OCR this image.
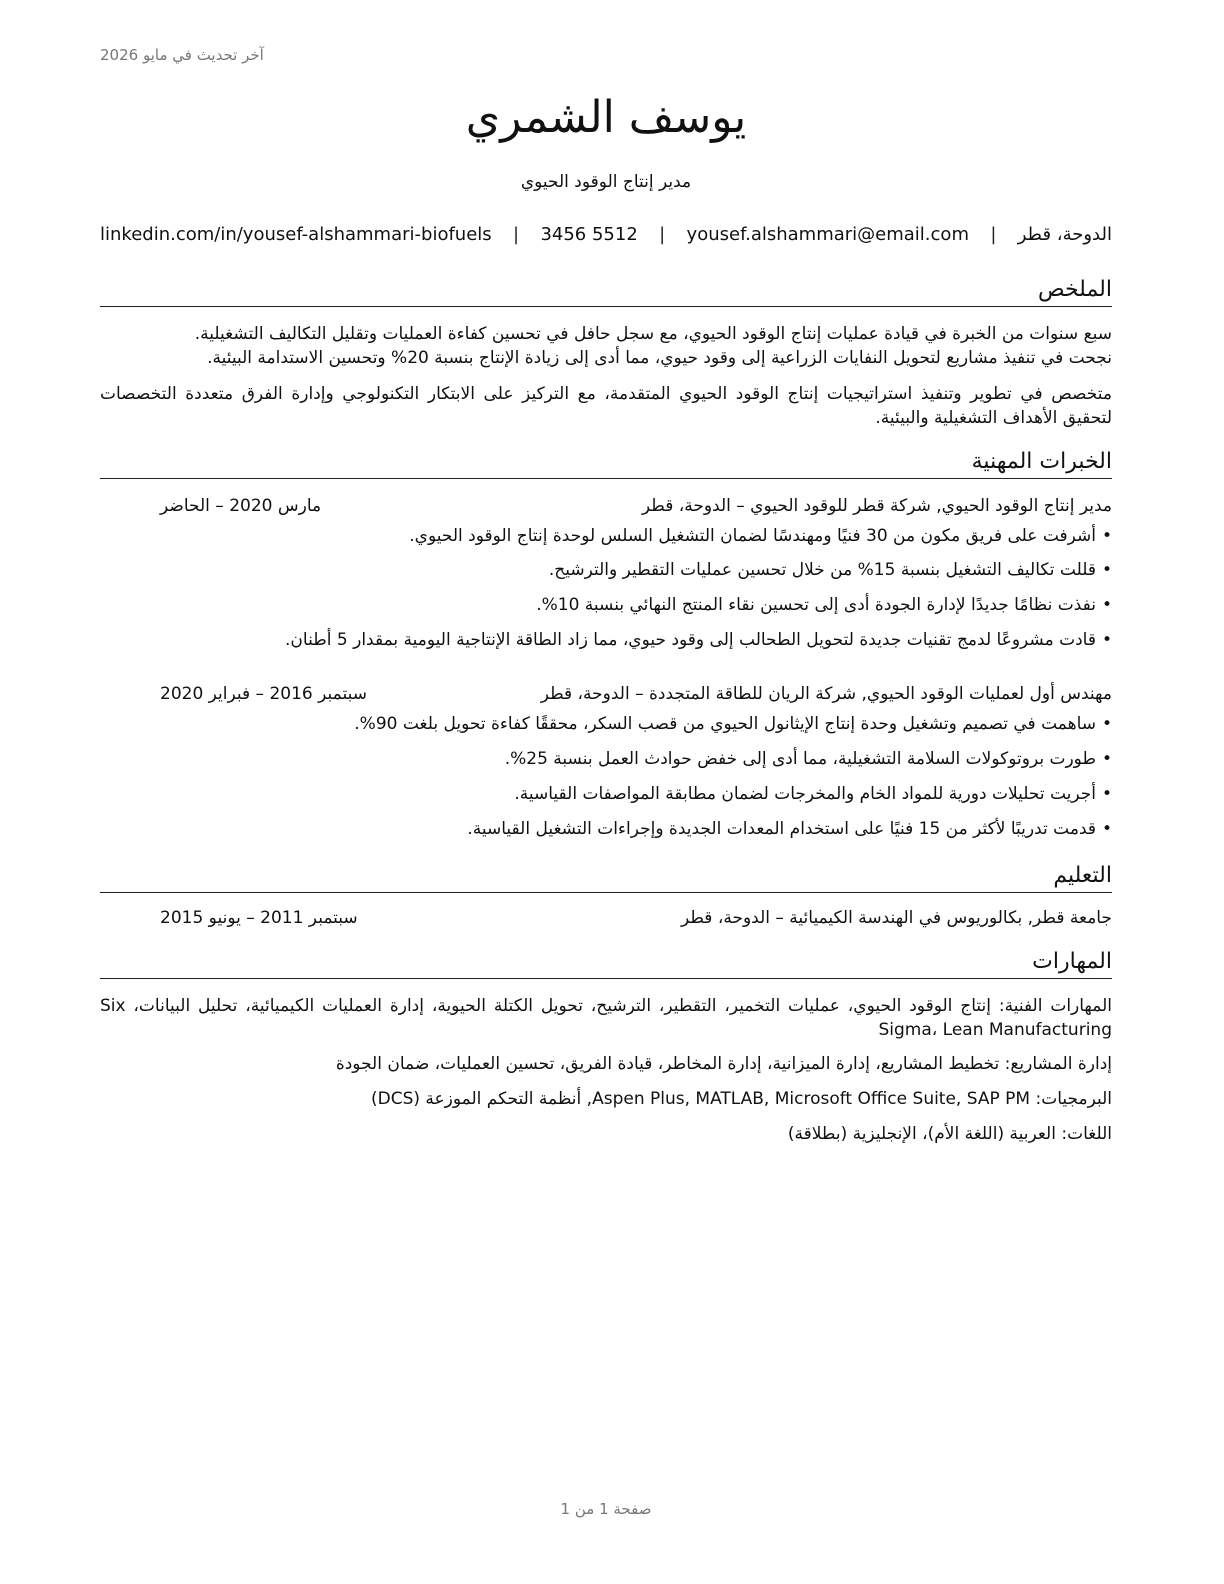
آخر تحديث في مايو 2026
يوسف الشمري
مدير إنتاج الوقود الحيوي
الدوحة، قطر
|
yousef.alshammari@email.com
|
3456 5512
|
linkedin.com/in/yousef-alshammari-biofuels
الملخص
سبع سنوات من الخبرة في قيادة عمليات إنتاج الوقود الحيوي، مع سجل حافل في تحسين كفاءة العمليات وتقليل التكاليف التشغيلية.
نجحت في تنفيذ مشاريع لتحويل النفايات الزراعية إلى وقود حيوي، مما أدى إلى زيادة الإنتاج بنسبة 20% وتحسين الاستدامة البيئية.
متخصص في تطوير وتنفيذ استراتيجيات إنتاج الوقود الحيوي المتقدمة، مع التركيز على الابتكار التكنولوجي وإدارة الفرق متعددة التخصصات لتحقيق الأهداف التشغيلية والبيئية.
الخبرات المهنية
مدير إنتاج الوقود الحيوي, شركة قطر للوقود الحيوي – الدوحة، قطر
مارس 2020 – الحاضر
•أشرفت على فريق مكون من 30 فنيًا ومهندسًا لضمان التشغيل السلس لوحدة إنتاج الوقود الحيوي.
•قللت تكاليف التشغيل بنسبة 15% من خلال تحسين عمليات التقطير والترشيح.
•نفذت نظامًا جديدًا لإدارة الجودة أدى إلى تحسين نقاء المنتج النهائي بنسبة 10%.
•قادت مشروعًا لدمج تقنيات جديدة لتحويل الطحالب إلى وقود حيوي، مما زاد الطاقة الإنتاجية اليومية بمقدار 5 أطنان.
مهندس أول لعمليات الوقود الحيوي, شركة الريان للطاقة المتجددة – الدوحة، قطر
سبتمبر 2016 – فبراير 2020
•ساهمت في تصميم وتشغيل وحدة إنتاج الإيثانول الحيوي من قصب السكر، محققًا كفاءة تحويل بلغت 90%.
•طورت بروتوكولات السلامة التشغيلية، مما أدى إلى خفض حوادث العمل بنسبة 25%.
•أجريت تحليلات دورية للمواد الخام والمخرجات لضمان مطابقة المواصفات القياسية.
•قدمت تدريبًا لأكثر من 15 فنيًا على استخدام المعدات الجديدة وإجراءات التشغيل القياسية.
التعليم
جامعة قطر, بكالوريوس في الهندسة الكيميائية – الدوحة، قطر
سبتمبر 2011 – يونيو 2015
المهارات
المهارات الفنية: إنتاج الوقود الحيوي، عمليات التخمير، التقطير، الترشيح، تحويل الكتلة الحيوية، إدارة العمليات الكيميائية، تحليل البيانات، Six Sigma، Lean Manufacturing
إدارة المشاريع: تخطيط المشاريع، إدارة الميزانية، إدارة المخاطر، قيادة الفريق، تحسين العمليات، ضمان الجودة
البرمجيات: Aspen Plus, MATLAB, Microsoft Office Suite, SAP PM, أنظمة التحكم الموزعة (DCS)
اللغات: العربية (اللغة الأم)، الإنجليزية (بطلاقة)
صفحة 1 من 1
